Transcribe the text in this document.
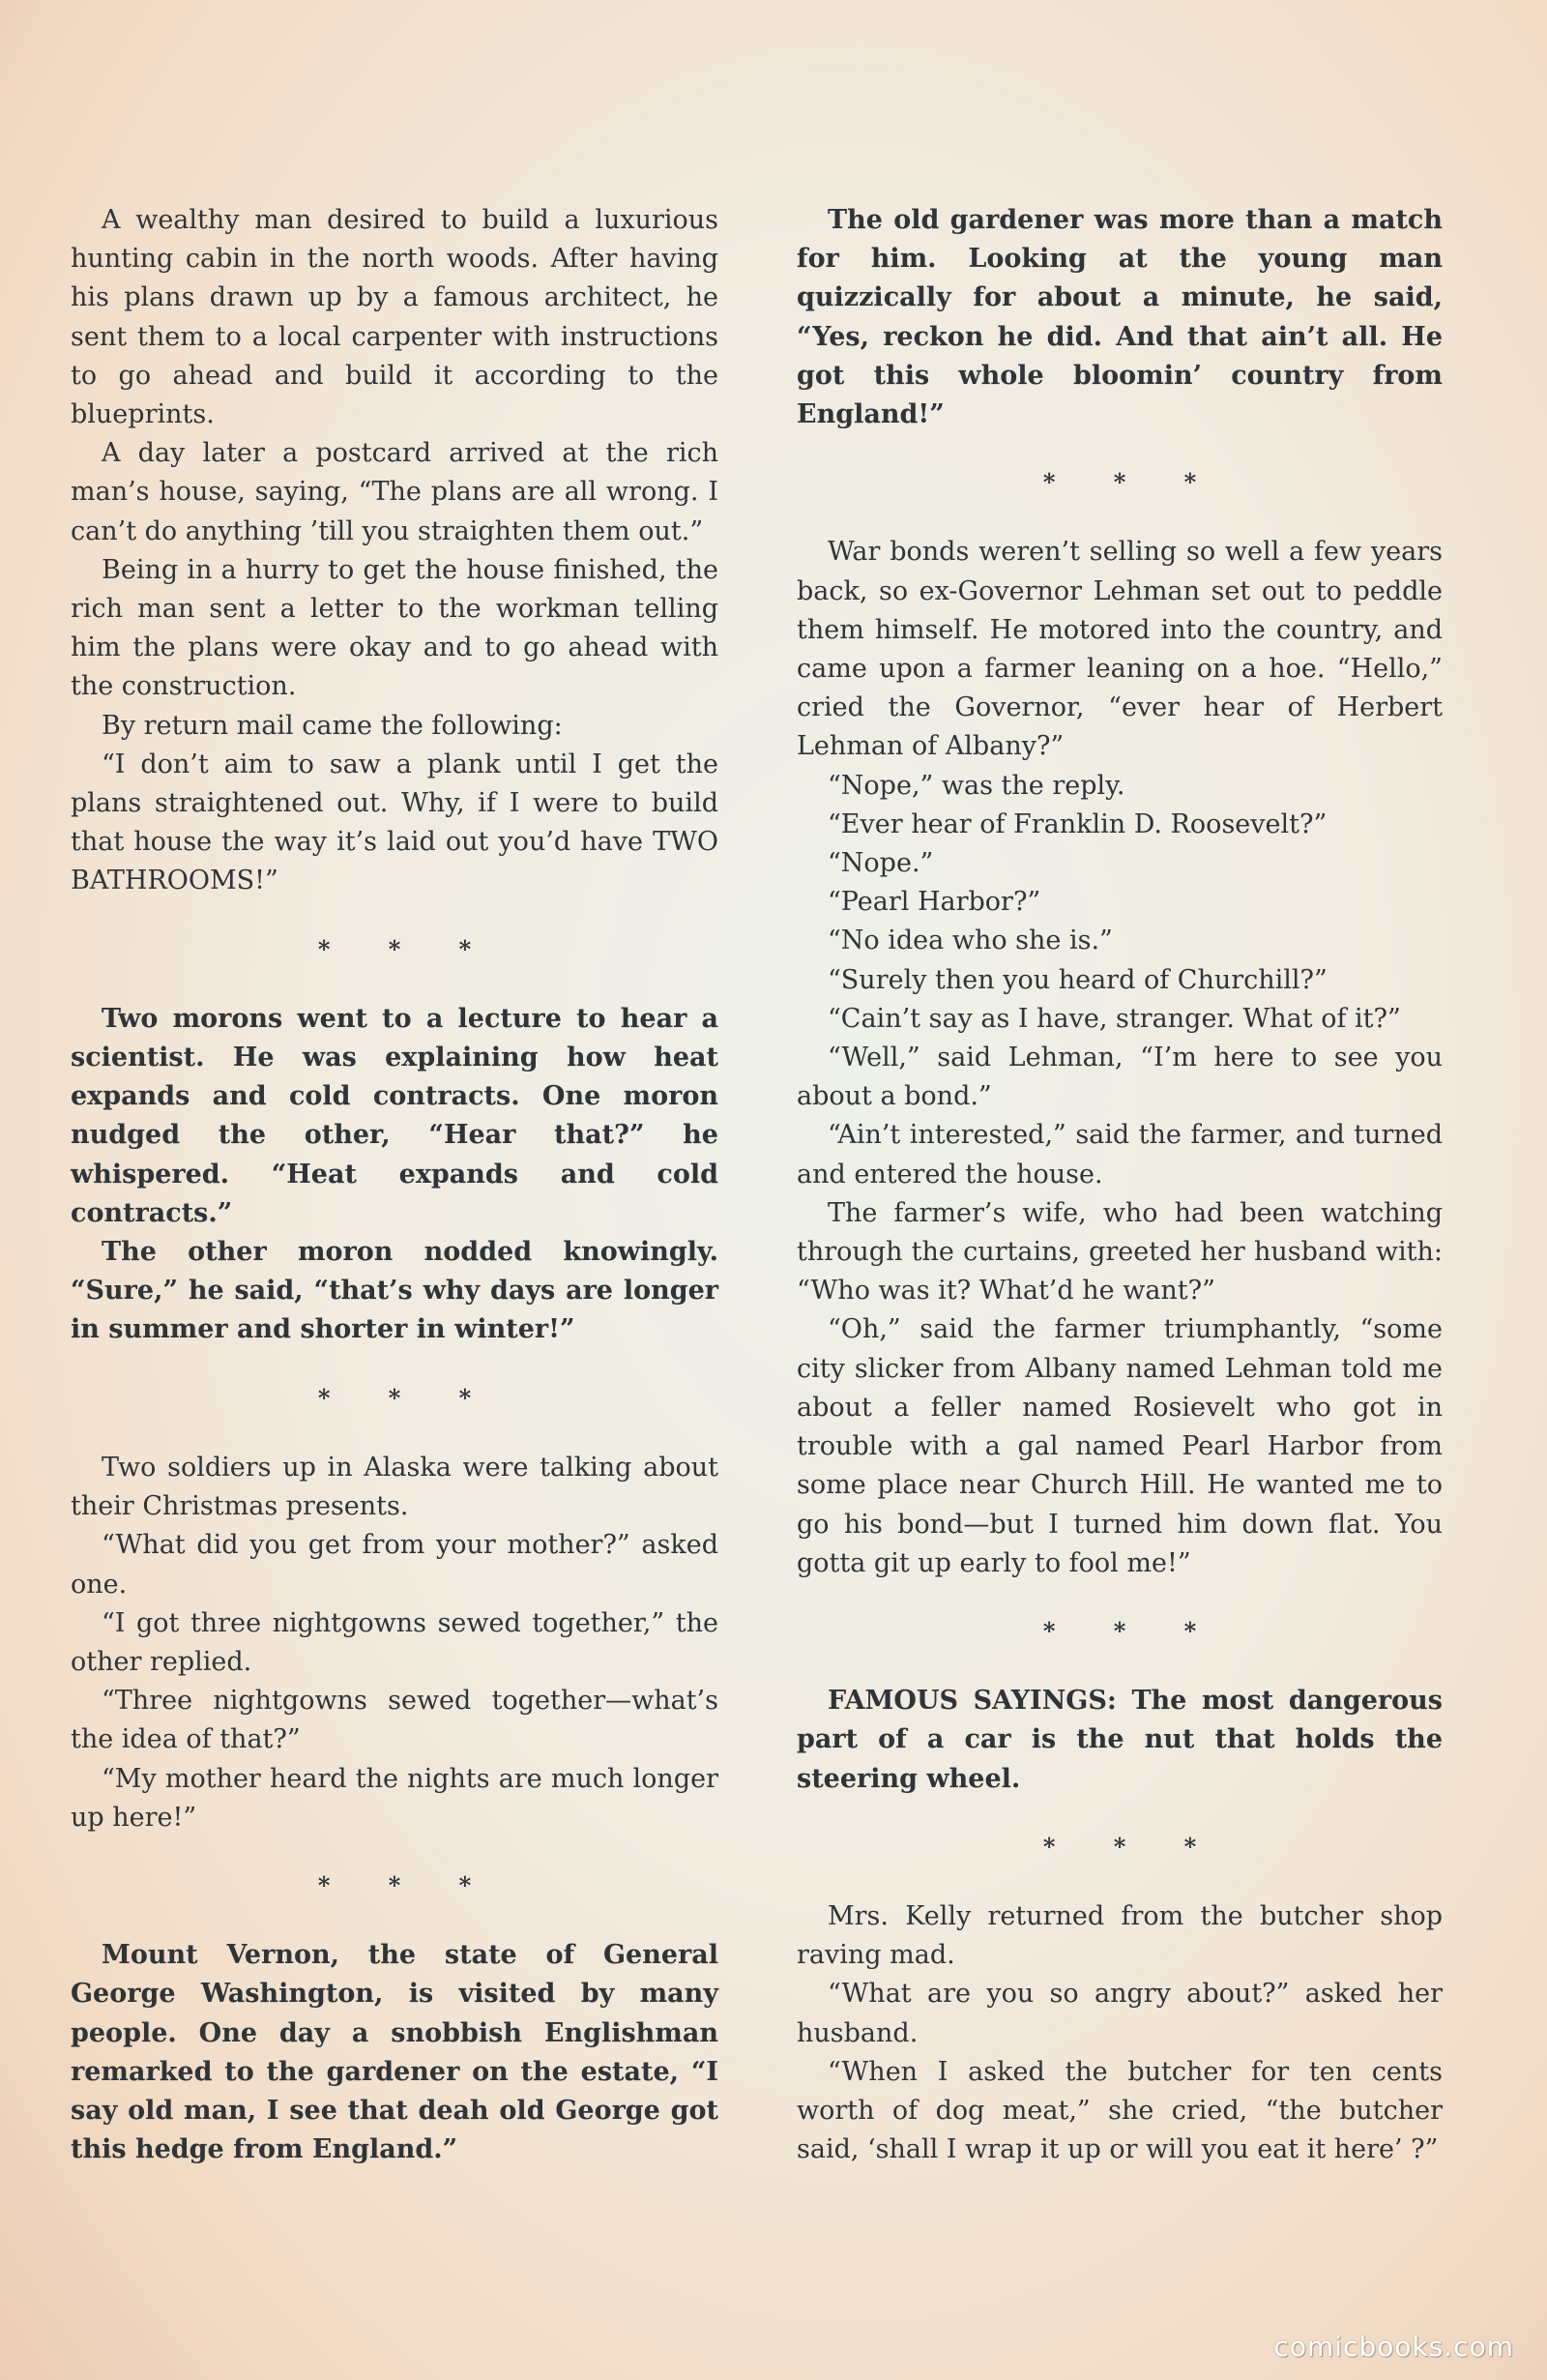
A wealthy man desired to build a luxurious hunting cabin in the north woods. After having his plans drawn up by a famous architect, he sent them to a local carpenter with instructions to go ahead and build it according to the blueprints.

A day later a postcard arrived at the rich man’s house, saying, “The plans are all wrong. I can’t do anything ’till you straighten them out.”

Being in a hurry to get the house finished, the rich man sent a letter to the workman telling him the plans were okay and to go ahead with the construction.

By return mail came the following:

“I don’t aim to saw a plank until I get the plans straightened out. Why, if I were to build that house the way it’s laid out you’d have TWO BATHROOMS!”

* * *

Two morons went to a lecture to hear a scientist. He was explaining how heat expands and cold contracts. One moron nudged the other, “Hear that?” he whispered. “Heat expands and cold contracts.”

The other moron nodded knowingly. “Sure,” he said, “that’s why days are longer in summer and shorter in winter!”

* * *

Two soldiers up in Alaska were talking about their Christmas presents.

“What did you get from your mother?” asked one.

“I got three nightgowns sewed together,” the other replied.

“Three nightgowns sewed together—what’s the idea of that?”

“My mother heard the nights are much longer up here!”

* * *

Mount Vernon, the state of General George Washington, is visited by many people. One day a snobbish Englishman remarked to the gardener on the estate, “I say old man, I see that deah old George got this hedge from England.”

The old gardener was more than a match for him. Looking at the young man quizzically for about a minute, he said, “Yes, reckon he did. And that ain’t all. He got this whole bloomin’ country from England!”

* * *

War bonds weren’t selling so well a few years back, so ex-Governor Lehman set out to peddle them himself. He motored into the country, and came upon a farmer leaning on a hoe. “Hello,” cried the Governor, “ever hear of Herbert Lehman of Albany?”

“Nope,” was the reply.

“Ever hear of Franklin D. Roosevelt?”

“Nope.”

“Pearl Harbor?”

“No idea who she is.”

“Surely then you heard of Churchill?”

“Cain’t say as I have, stranger. What of it?”

“Well,” said Lehman, “I’m here to see you about a bond.”

“Ain’t interested,” said the farmer, and turned and entered the house.

The farmer’s wife, who had been watching through the curtains, greeted her husband with: “Who was it? What’d he want?”

“Oh,” said the farmer triumphantly, “some city slicker from Albany named Lehman told me about a feller named Rosievelt who got in trouble with a gal named Pearl Harbor from some place near Church Hill. He wanted me to go his bond—but I turned him down flat. You gotta git up early to fool me!”

* * *

FAMOUS SAYINGS: The most dangerous part of a car is the nut that holds the steering wheel.

* * *

Mrs. Kelly returned from the butcher shop raving mad.

“What are you so angry about?” asked her husband.

“When I asked the butcher for ten cents worth of dog meat,” she cried, “the butcher said, ‘shall I wrap it up or will you eat it here’ ?”

comicbooks.com
